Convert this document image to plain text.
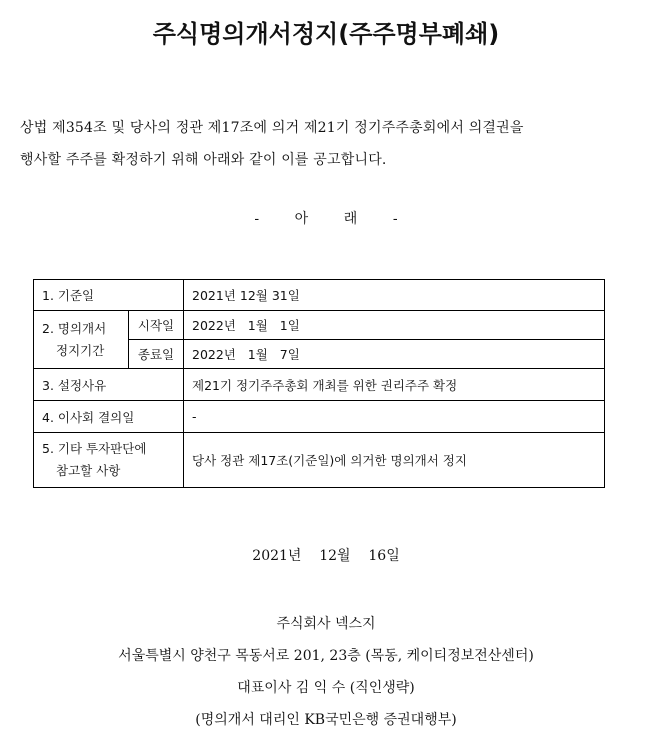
주식명의개서정지(주주명부폐쇄)
상법 제354조 및 당사의 정관 제17조에 의거 제21기 정기주주총회에서 의결권을
행사할 주주를 확정하기 위해 아래와 같이 이를 공고합니다.
-        아        래        -
1. 기준일		2021년 12월 31일

2. 명의개서
정지기간	시작일	2022년   1월   1일
	종료일	2022년   1월   7일
3. 설정사유		제21기 정기주주총회 개최를 위한 권리주주 확정
4. 이사회 결의일		-

5. 기타 투자판단에
참고할 사항		당사 정관 제17조(기준일)에 의거한 명의개서 정지
2021년    12월    16일
주식회사 넥스지
서울특별시 양천구 목동서로 201, 23층 (목동, 케이티정보전산센터)
대표이사 김 익 수 (직인생략)
(명의개서 대리인 KB국민은행 증권대행부)
